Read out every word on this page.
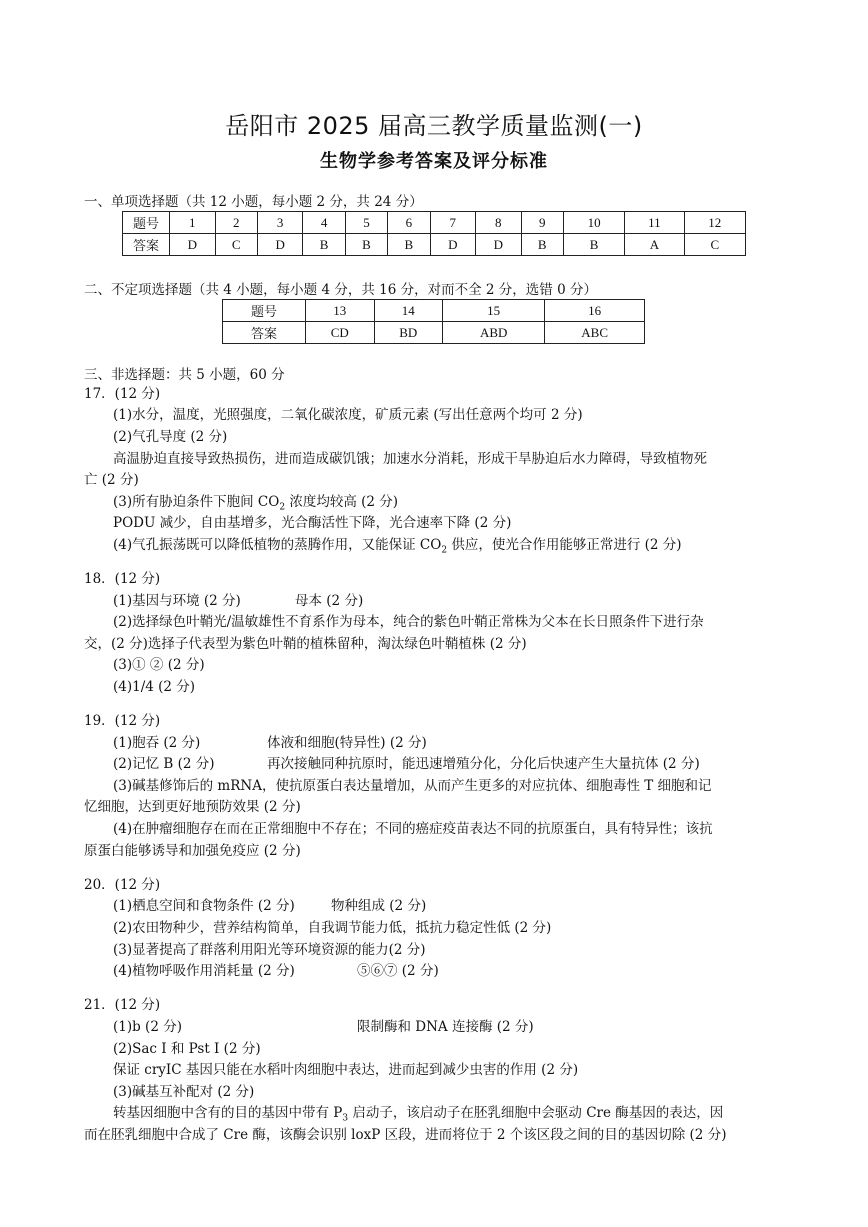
岳阳市 2025 届高三教学质量监测(一)
生物学参考答案及评分标准
一、单项选择题（共 12 小题，每小题 2 分，共 24 分）
题号	1	2	3	4	5	6	7	8	9	10	11	12
答案	D	C	D	B	B	B	D	D	B	B	A	C
二、不定项选择题（共 4 小题，每小题 4 分，共 16 分，对而不全 2 分，选错 0 分）
题号	13	14	15	16
答案	CD	BD	ABD	ABC
三、非选择题：共 5 小题，60 分
17．(12 分)
(1)水分，温度，光照强度，二氧化碳浓度，矿质元素 (写出任意两个均可 2 分)
(2)气孔导度 (2 分)
高温胁迫直接导致热损伤，进而造成碳饥饿；加速水分消耗，形成干旱胁迫后水力障碍，导致植物死
亡 (2 分)
(3)所有胁迫条件下胞间 $CO_2$ 浓度均较高 (2 分)
PODU 减少，自由基增多，光合酶活性下降，光合速率下降 (2 分)
(4)气孔振荡既可以降低植物的蒸腾作用，又能保证 $CO_2$ 供应，使光合作用能够正常进行 (2 分)
18．(12 分)
(1)基因与环境 (2 分)	母本 (2 分)
(2)选择绿色叶鞘光/温敏雄性不育系作为母本，纯合的紫色叶鞘正常株为父本在长日照条件下进行杂
交，(2 分)选择子代表型为紫色叶鞘的植株留种，淘汰绿色叶鞘植株 (2 分)
(3)① ② (2 分)
(4)1/4 (2 分)
19．(12 分)
(1)胞吞 (2 分)	体液和细胞(特异性) (2 分)
(2)记忆 B (2 分)	再次接触同种抗原时，能迅速增殖分化，分化后快速产生大量抗体 (2 分)
(3)碱基修饰后的 mRNA，使抗原蛋白表达量增加，从而产生更多的对应抗体、细胞毒性 T 细胞和记
忆细胞，达到更好地预防效果 (2 分)
(4)在肿瘤细胞存在而在正常细胞中不存在；不同的癌症疫苗表达不同的抗原蛋白，具有特异性；该抗
原蛋白能够诱导和加强免疫应 (2 分)
20．(12 分)
(1)栖息空间和食物条件 (2 分)	物种组成 (2 分)
(2)农田物种少，营养结构简单，自我调节能力低，抵抗力稳定性低 (2 分)
(3)显著提高了群落利用阳光等环境资源的能力(2 分)
(4)植物呼吸作用消耗量 (2 分)	⑤⑥⑦ (2 分)
21．(12 分)
(1)b (2 分)	限制酶和 DNA 连接酶 (2 分)
(2)Sac I 和 Pst I (2 分)
保证 cryIC 基因只能在水稻叶肉细胞中表达，进而起到减少虫害的作用 (2 分)
(3)碱基互补配对 (2 分)
转基因细胞中含有的目的基因中带有 $P_3$ 启动子，该启动子在胚乳细胞中会驱动 Cre 酶基因的表达，因
而在胚乳细胞中合成了 Cre 酶，该酶会识别 loxP 区段，进而将位于 2 个该区段之间的目的基因切除 (2 分)
